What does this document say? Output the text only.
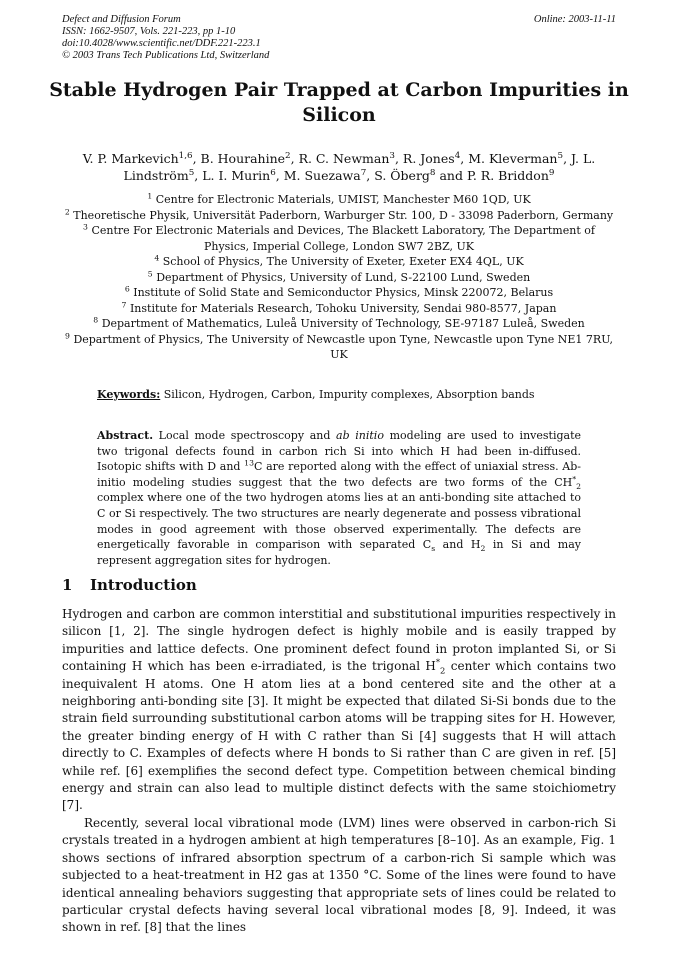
Defect and Diffusion Forum
ISSN: 1662-9507, Vols. 221-223, pp 1-10
doi:10.4028/www.scientific.net/DDF.221-223.1
© 2003 Trans Tech Publications Ltd, Switzerland
Online: 2003-11-11
Stable Hydrogen Pair Trapped at Carbon Impurities in Silicon
V. P. Markevich$^{1,6}$, B. Hourahine$^2$, R. C. Newman$^3$, R. Jones$^4$, M. Kleverman$^5$, J. L. Lindström$^5$, L. I. Murin$^6$, M. Suezawa$^7$, S. Öberg$^8$ and P. R. Briddon$^9$
$^1$ Centre for Electronic Materials, UMIST, Manchester M60 1QD, UK
$^2$ Theoretische Physik, Universität Paderborn, Warburger Str. 100, D - 33098 Paderborn, Germany
$^3$ Centre For Electronic Materials and Devices, The Blackett Laboratory, The Department of Physics, Imperial College, London SW7 2BZ, UK
$^4$ School of Physics, The University of Exeter, Exeter EX4 4QL, UK
$^5$ Department of Physics, University of Lund, S-22100 Lund, Sweden
$^6$ Institute of Solid State and Semiconductor Physics, Minsk 220072, Belarus
$^7$ Institute for Materials Research, Tohoku University, Sendai 980-8577, Japan
$^8$ Department of Mathematics, Luleå University of Technology, SE-97187 Luleå, Sweden
$^9$ Department of Physics, The University of Newcastle upon Tyne, Newcastle upon Tyne NE1 7RU, UK
Keywords: Silicon, Hydrogen, Carbon, Impurity complexes, Absorption bands
Abstract. Local mode spectroscopy and ab initio modeling are used to investigate two trigonal defects found in carbon rich Si into which H had been in-diffused. Isotopic shifts with D and $^{13}$C are reported along with the effect of uniaxial stress. Ab-initio modeling studies suggest that the two defects are two forms of the $CH^*_2$ complex where one of the two hydrogen atoms lies at an anti-bonding site attached to C or Si respectively. The two structures are nearly degenerate and possess vibrational modes in good agreement with those observed experimentally. The defects are energetically favorable in comparison with separated $C_s$ and $H_2$ in Si and may represent aggregation sites for hydrogen.
1 Introduction

Hydrogen and carbon are common interstitial and substitutional impurities respectively in silicon [1, 2]. The single hydrogen defect is highly mobile and is easily trapped by impurities and lattice defects. One prominent defect found in proton implanted Si, or Si containing H which has been e-irradiated, is the trigonal $H^*_2$ center which contains two inequivalent H atoms. One H atom lies at a bond centered site and the other at a neighboring anti-bonding site [3]. It might be expected that dilated Si-Si bonds due to the strain field surrounding substitutional carbon atoms will be trapping sites for H. However, the greater binding energy of H with C rather than Si [4] suggests that H will attach directly to C. Examples of defects where H bonds to Si rather than C are given in ref. [5] while ref. [6] exemplifies the second defect type. Competition between chemical binding energy and strain can also lead to multiple distinct defects with the same stoichiometry [7].

Recently, several local vibrational mode (LVM) lines were observed in carbon-rich Si crystals treated in a hydrogen ambient at high temperatures [8–10]. As an example, Fig. 1 shows sections of infrared absorption spectrum of a carbon-rich Si sample which was subjected to a heat-treatment in H2 gas at 1350 °C. Some of the lines were found to have identical annealing behaviors suggesting that appropriate sets of lines could be related to particular crystal defects having several local vibrational modes [8, 9]. Indeed, it was shown in ref. [8] that the lines
